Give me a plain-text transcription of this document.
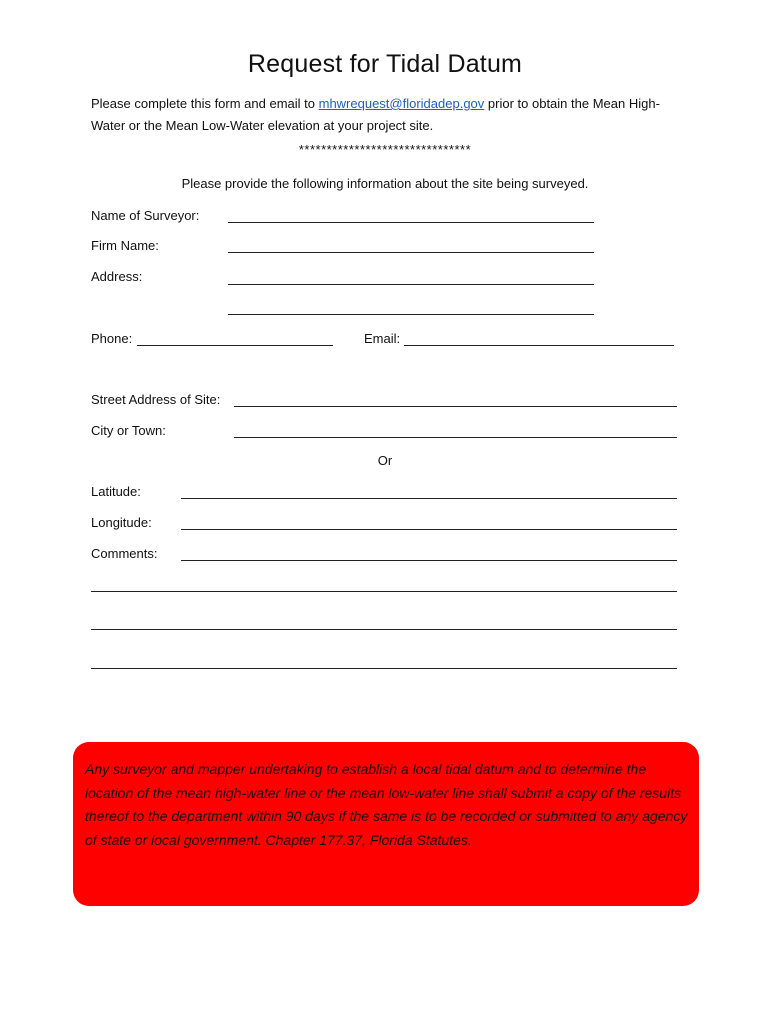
Request for Tidal Datum
Please complete this form and email to mhwrequest@floridadep.gov prior to obtain the Mean High-Water or the Mean Low-Water elevation at your project site.
*******************************
Please provide the following information about the site being surveyed.
Name of Surveyor:
Firm Name:
Address:
Phone:	Email:
Street Address of Site:
City or Town:
Or
Latitude:
Longitude:
Comments:
Any surveyor and mapper undertaking to establish a local tidal datum and to determine the location of the mean high-water line or the mean low-water line shall submit a copy of the results thereof to the department within 90 days if the same is to be recorded or submitted to any agency of state or local government. Chapter 177.37, Florida Statutes.
